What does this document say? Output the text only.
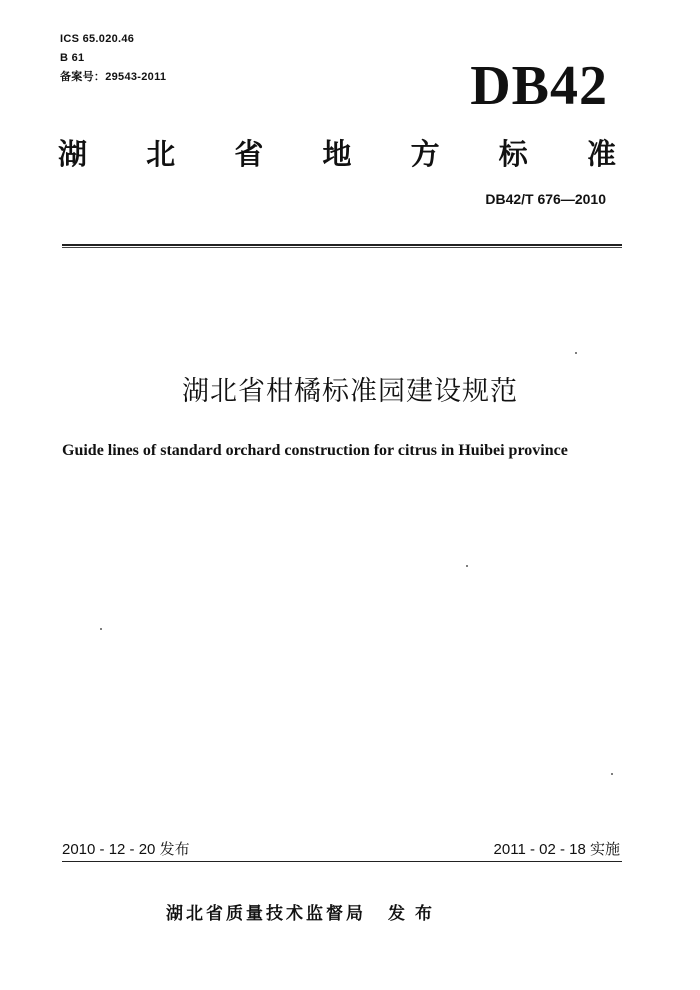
ICS 65.020.46
B 61
备案号：29543-2011	DB42
湖 北 省 地 方 标 准
DB42/T 676—2010
湖北省柑橘标准园建设规范
Guide lines of standard orchard construction for citrus in Huibei province
2010 - 12 - 20 发布	2011 - 02 - 18 实施
湖北省质量技术监督局 发布
